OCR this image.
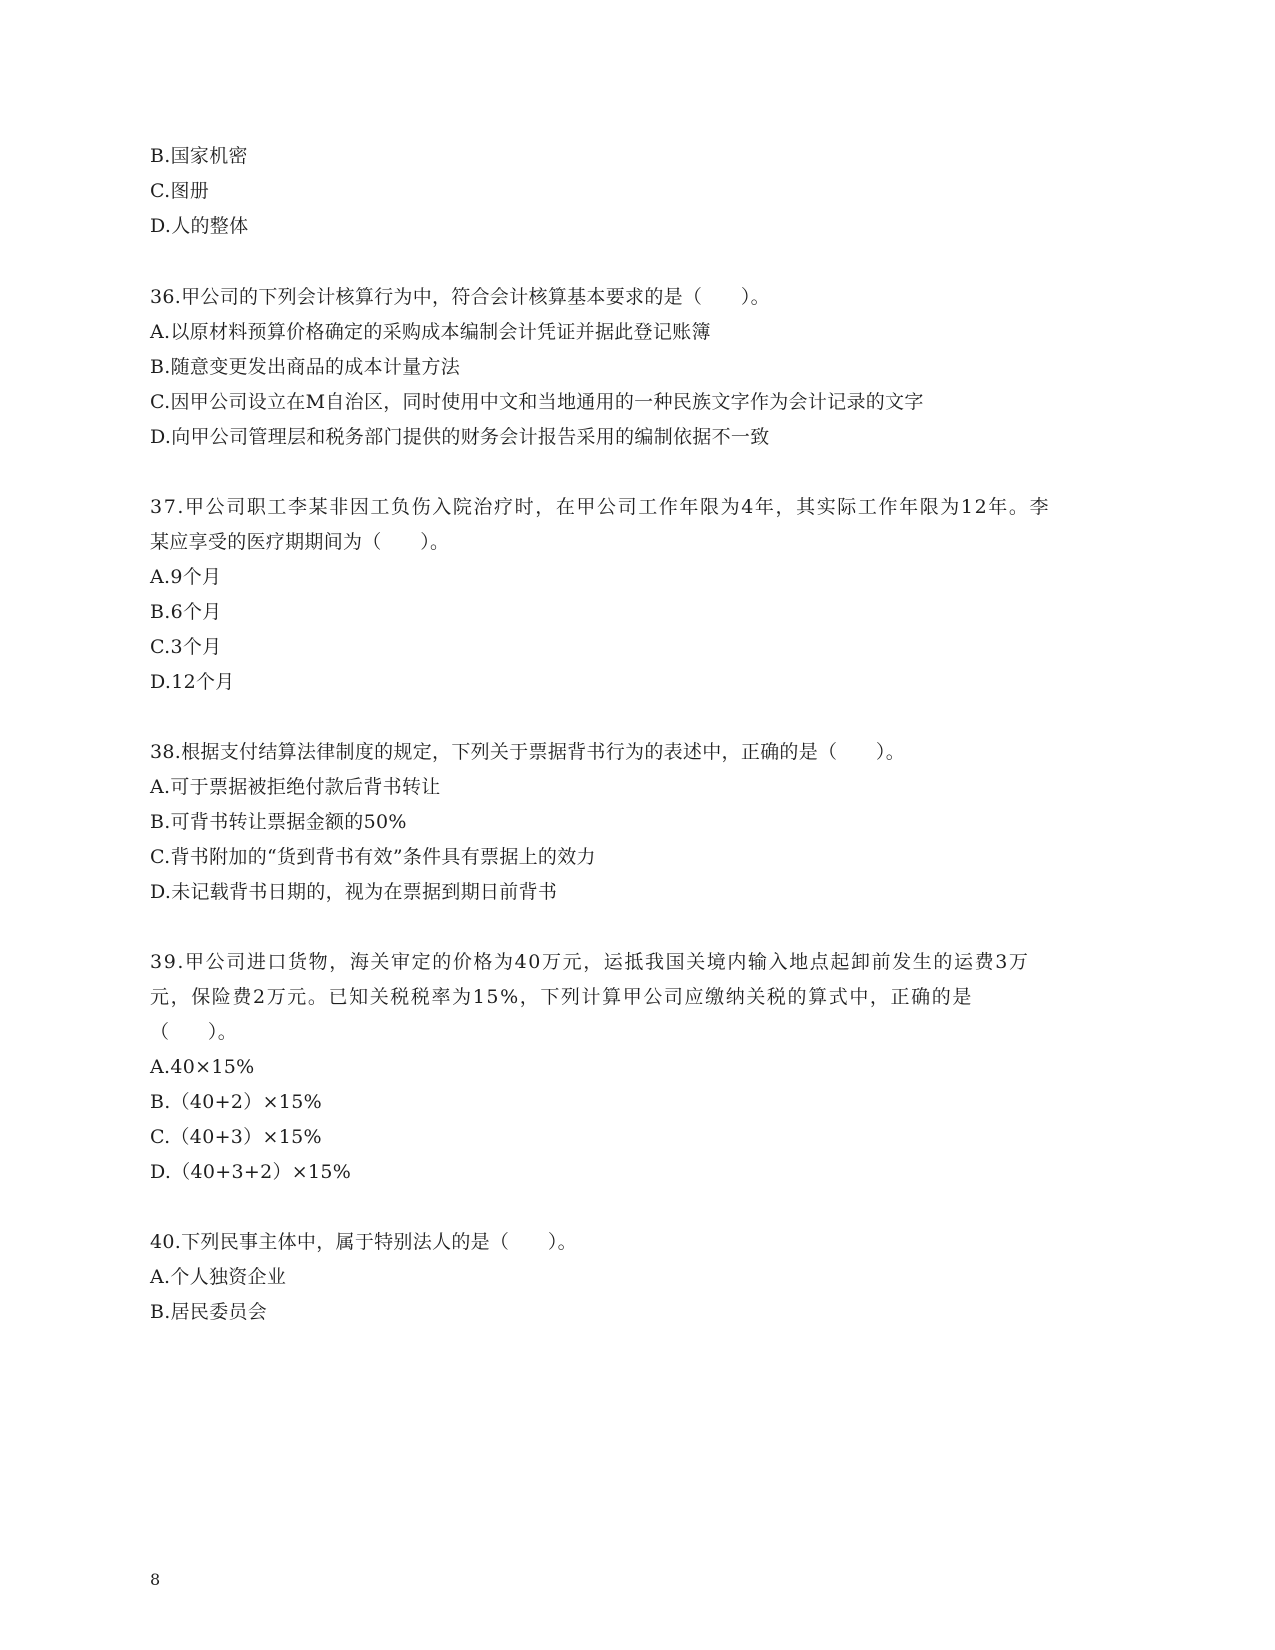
B.国家机密
C.图册
D.人的整体
36.甲公司的下列会计核算行为中，符合会计核算基本要求的是（　　）。
A.以原材料预算价格确定的采购成本编制会计凭证并据此登记账簿
B.随意变更发出商品的成本计量方法
C.因甲公司设立在M自治区，同时使用中文和当地通用的一种民族文字作为会计记录的文字
D.向甲公司管理层和税务部门提供的财务会计报告采用的编制依据不一致
37.甲公司职工李某非因工负伤入院治疗时，在甲公司工作年限为4年，其实际工作年限为12年。李
某应享受的医疗期期间为（　　）。
A.9个月
B.6个月
C.3个月
D.12个月
38.根据支付结算法律制度的规定，下列关于票据背书行为的表述中，正确的是（　　）。
A.可于票据被拒绝付款后背书转让
B.可背书转让票据金额的50%
C.背书附加的“货到背书有效”条件具有票据上的效力
D.未记载背书日期的，视为在票据到期日前背书
39.甲公司进口货物，海关审定的价格为40万元，运抵我国关境内输入地点起卸前发生的运费3万
元，保险费2万元。已知关税税率为15%，下列计算甲公司应缴纳关税的算式中，正确的是
（　　）。
A.40×15%
B.（40+2）×15%
C.（40+3）×15%
D.（40+3+2）×15%
40.下列民事主体中，属于特别法人的是（　　）。
A.个人独资企业
B.居民委员会
8
